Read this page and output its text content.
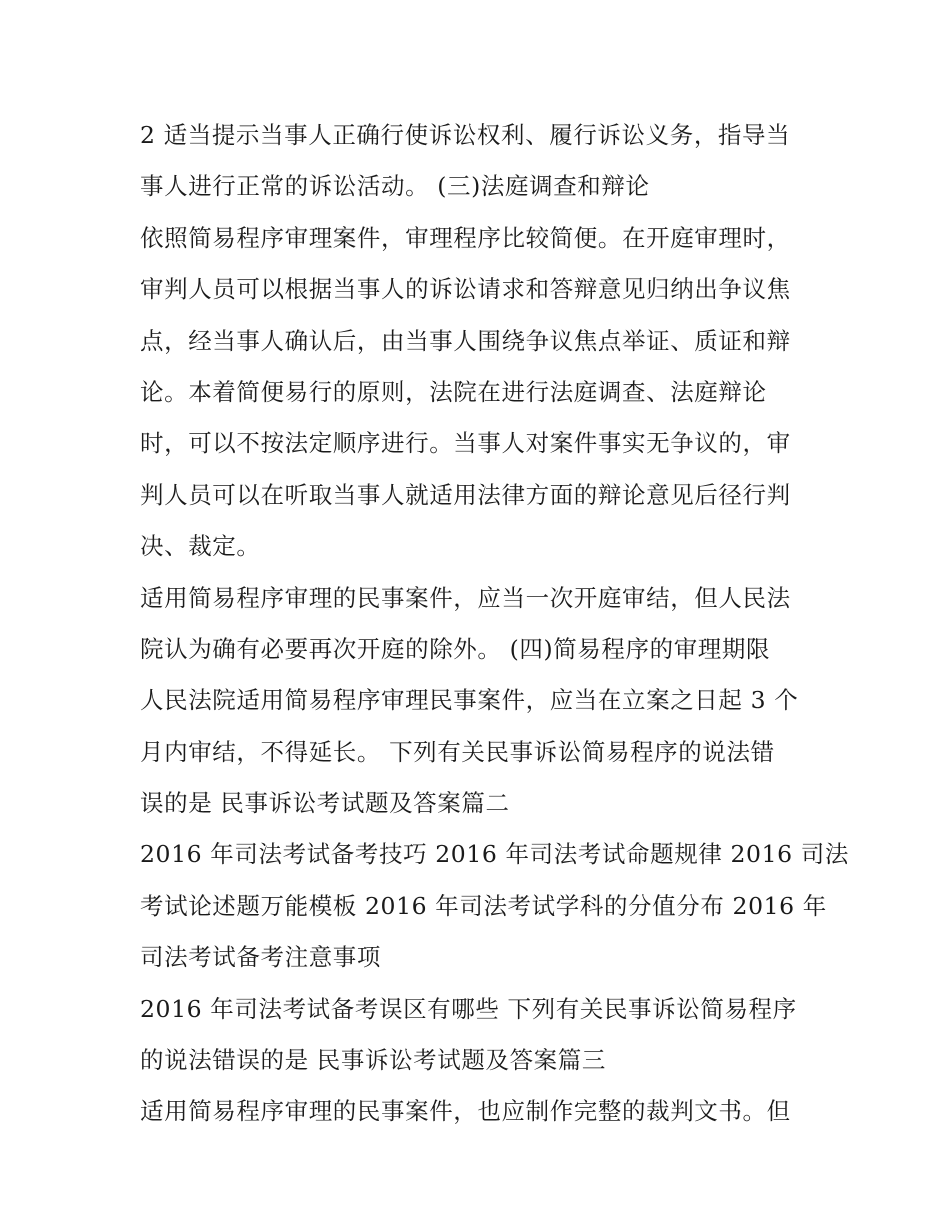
2 适当提示当事人正确行使诉讼权利、履行诉讼义务，指导当
事人进行正常的诉讼活动。 (三)法庭调查和辩论
依照简易程序审理案件，审理程序比较简便。在开庭审理时，
审判人员可以根据当事人的诉讼请求和答辩意见归纳出争议焦
点，经当事人确认后，由当事人围绕争议焦点举证、质证和辩
论。本着简便易行的原则，法院在进行法庭调查、法庭辩论
时，可以不按法定顺序进行。当事人对案件事实无争议的，审
判人员可以在听取当事人就适用法律方面的辩论意见后径行判
决、裁定。
适用简易程序审理的民事案件，应当一次开庭审结，但人民法
院认为确有必要再次开庭的除外。 (四)简易程序的审理期限
人民法院适用简易程序审理民事案件，应当在立案之日起 3 个
月内审结，不得延长。 下列有关民事诉讼简易程序的说法错
误的是 民事诉讼考试题及答案篇二
2016 年司法考试备考技巧 2016 年司法考试命题规律 2016 司法
考试论述题万能模板 2016 年司法考试学科的分值分布 2016 年
司法考试备考注意事项
2016 年司法考试备考误区有哪些 下列有关民事诉讼简易程序
的说法错误的是 民事诉讼考试题及答案篇三
适用简易程序审理的民事案件，也应制作完整的裁判文书。但
